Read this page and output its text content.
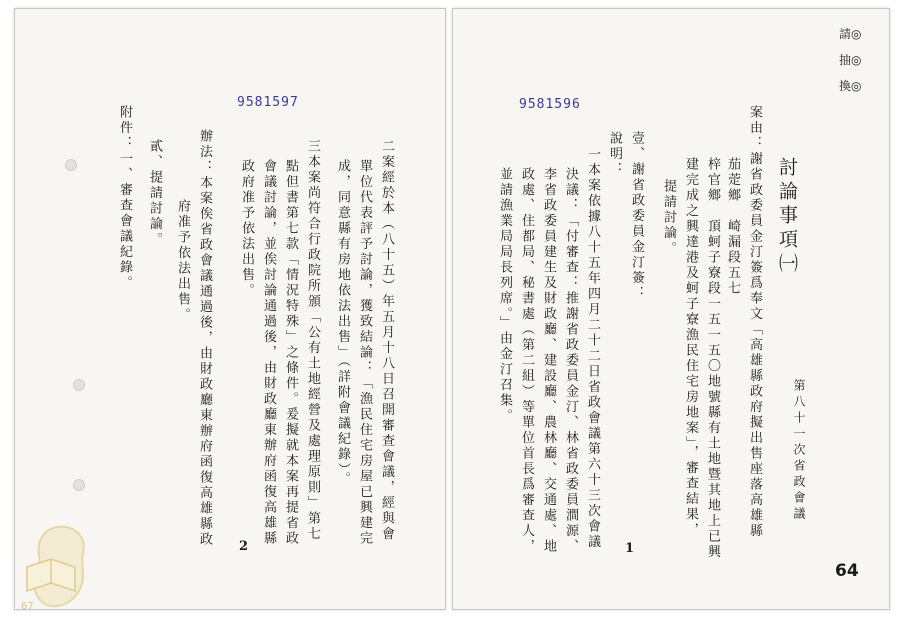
9581597
二案經於本（八十五）年五月十八日召開審查會議，經與會
單位代表評予討論，獲致結論：「漁民住宅房屋已興建完
成，同意縣有房地依法出售」（詳附會議紀錄）。
三本案尚符合行政院所頒「公有土地經營及處理原則」第七
點但書第七款「情況特殊」之條件。爰擬就本案再提省政
會議討論，並俟討論通過後，由財政廳東辦府函復高雄縣
政府准予依法出售。
辦法：本案俟省政會議通過後，由財政廳東辦府函復高雄縣政
府准予依法出售。
貳、提請討論。
附件：一、審查會議紀錄。
2
67
9581596
請◎
抽◎
換◎
第八十一次省政會議
討論事項㈠
案由：謝省政委員金汀簽爲奉文「高雄縣政府擬出售座落高雄縣
茄萣鄉　崎漏段五七
梓官鄉　頂蚵子寮段一五一五〇地號縣有土地暨其地上已興
建完成之興達港及蚵子寮漁民住宅房地案」，審查結果，
提請討論。
壹、謝省政委員金汀簽：
說明：
一本案依據八十五年四月二十二日省政會議第六十三次會議
決議：「付審查：推謝省政委員金汀、林省政委員澗源、
李省政委員建生及財政廳、建設廳、農林廳、交通處、地
政處、住都局、秘書處（第二組）等單位首長爲審查人，
並請漁業局局長列席。」由金汀召集。
1
64
